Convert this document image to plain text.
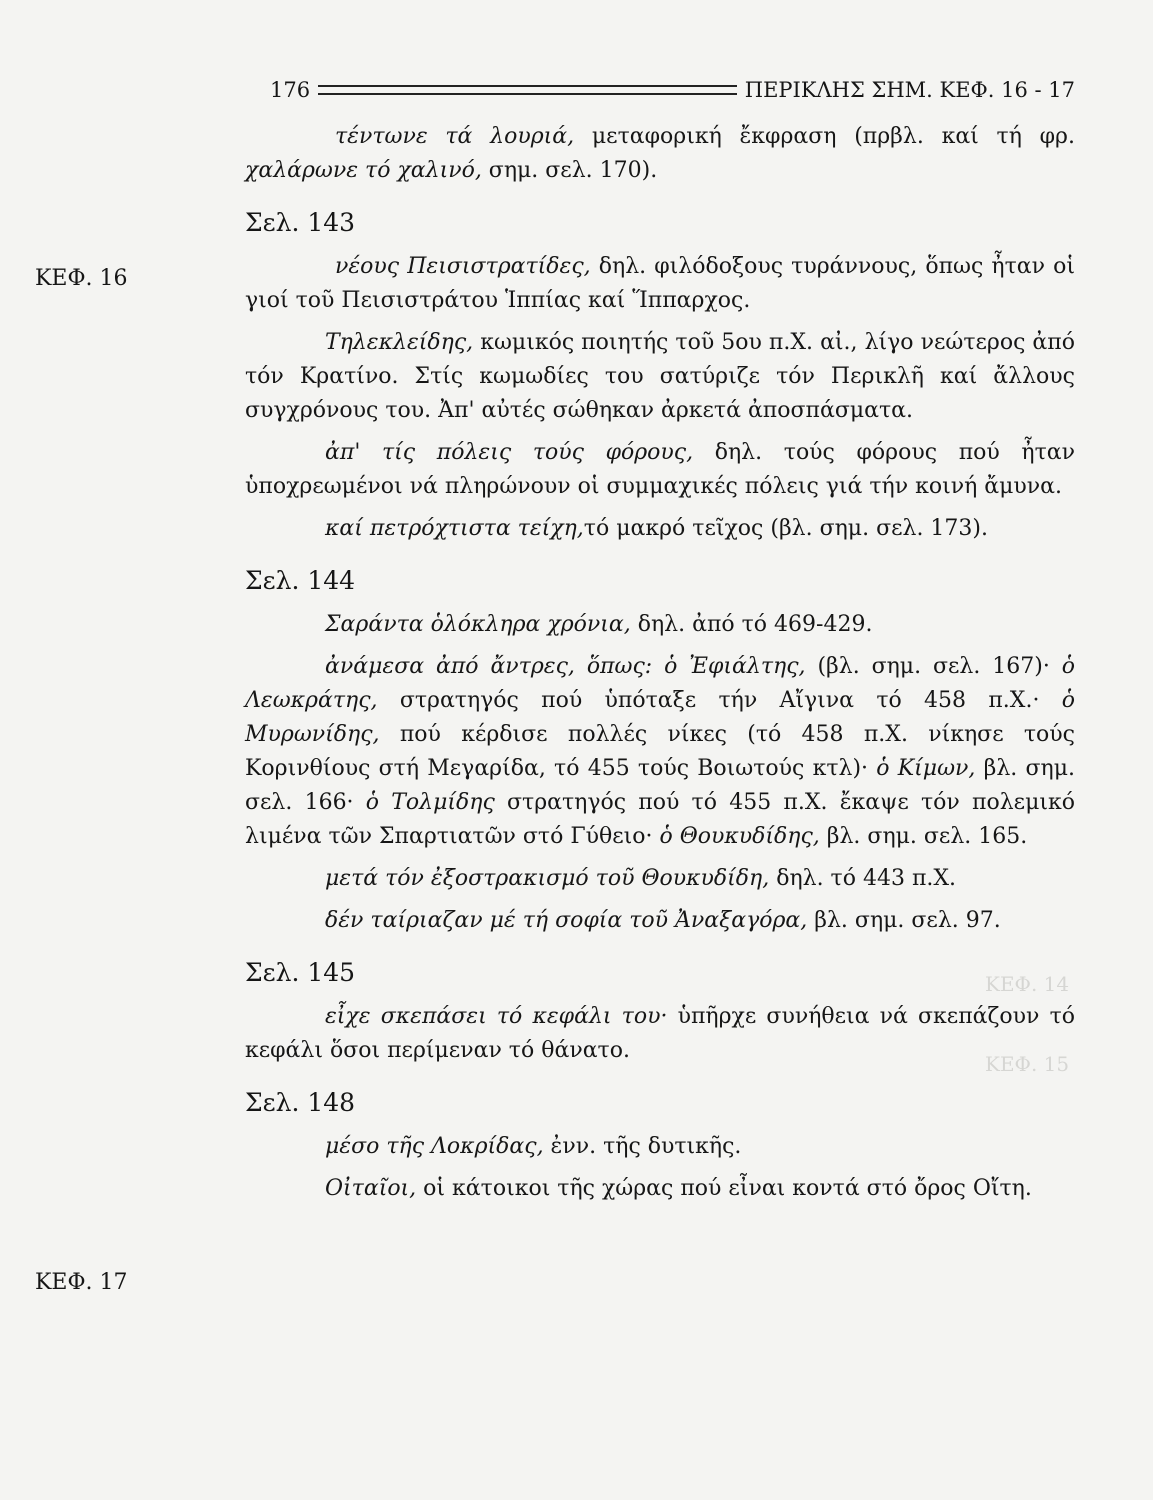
ΚΕΦ. 14
ΚΕΦ. 15
176	ΠΕΡΙΚΛΗΣ ΣΗΜ. ΚΕΦ. 16 - 17
ΚΕΦ. 16
ΚΕΦ. 17

τέντωνε τά λουριά, μεταφορική ἔκφραση (πρβλ. καί τή φρ. χαλάρωνε τό χαλινό, σημ. σελ. 170).

Σελ. 143

νέους Πεισιστρατίδες, δηλ. φιλόδοξους τυράννους, ὅπως ἦταν οἱ γιοί τοῦ Πεισιστράτου Ἱππίας καί Ἵππαρχος.

Τηλεκλείδης, κωμικός ποιητής τοῦ 5ου π.Χ. αἰ., λίγο νεώτερος ἀπό τόν Κρατίνο. Στίς κωμωδίες του σατύριζε τόν Περικλῆ καί ἄλλους συγχρόνους του. Ἀπ' αὐτές σώθηκαν ἀρκετά ἀποσπάσματα.

ἀπ' τίς πόλεις τούς φόρους, δηλ. τούς φόρους πού ἦταν ὑποχρεωμένοι νά πληρώνουν οἱ συμμαχικές πόλεις γιά τήν κοινή ἄμυνα.

καί πετρόχτιστα τείχη,τό μακρό τεῖχος (βλ. σημ. σελ. 173).

Σελ. 144

Σαράντα ὁλόκληρα χρόνια, δηλ. ἀπό τό 469-429.

ἀνάμεσα ἀπό ἄντρες, ὅπως: ὁ Ἐφιάλτης, (βλ. σημ. σελ. 167)· ὁ Λεωκράτης, στρατηγός πού ὑπόταξε τήν Αἴγινα τό 458 π.Χ.· ὁ Μυρωνίδης, πού κέρδισε πολλές νίκες (τό 458 π.Χ. νίκησε τούς Κορινθίους στή Μεγαρίδα, τό 455 τούς Βοιωτούς κτλ)· ὁ Κίμων, βλ. σημ. σελ. 166· ὁ Τολμίδης στρατηγός πού τό 455 π.Χ. ἔκαψε τόν πολεμικό λιμένα τῶν Σπαρτιατῶν στό Γύθειο· ὁ Θουκυδίδης, βλ. σημ. σελ. 165.

μετά τόν ἐξοστρακισμό τοῦ Θουκυδίδη, δηλ. τό 443 π.Χ.

δέν ταίριαζαν μέ τή σοφία τοῦ Ἀναξαγόρα, βλ. σημ. σελ. 97.

Σελ. 145

εἶχε σκεπάσει τό κεφάλι του· ὑπῆρχε συνήθεια νά σκεπάζουν τό κεφάλι ὅσοι περίμεναν τό θάνατο.

Σελ. 148

μέσο τῆς Λοκρίδας, ἐνν. τῆς δυτικῆς.

Οἰταῖοι, οἱ κάτοικοι τῆς χώρας πού εἶναι κοντά στό ὄρος Οἴτη.
